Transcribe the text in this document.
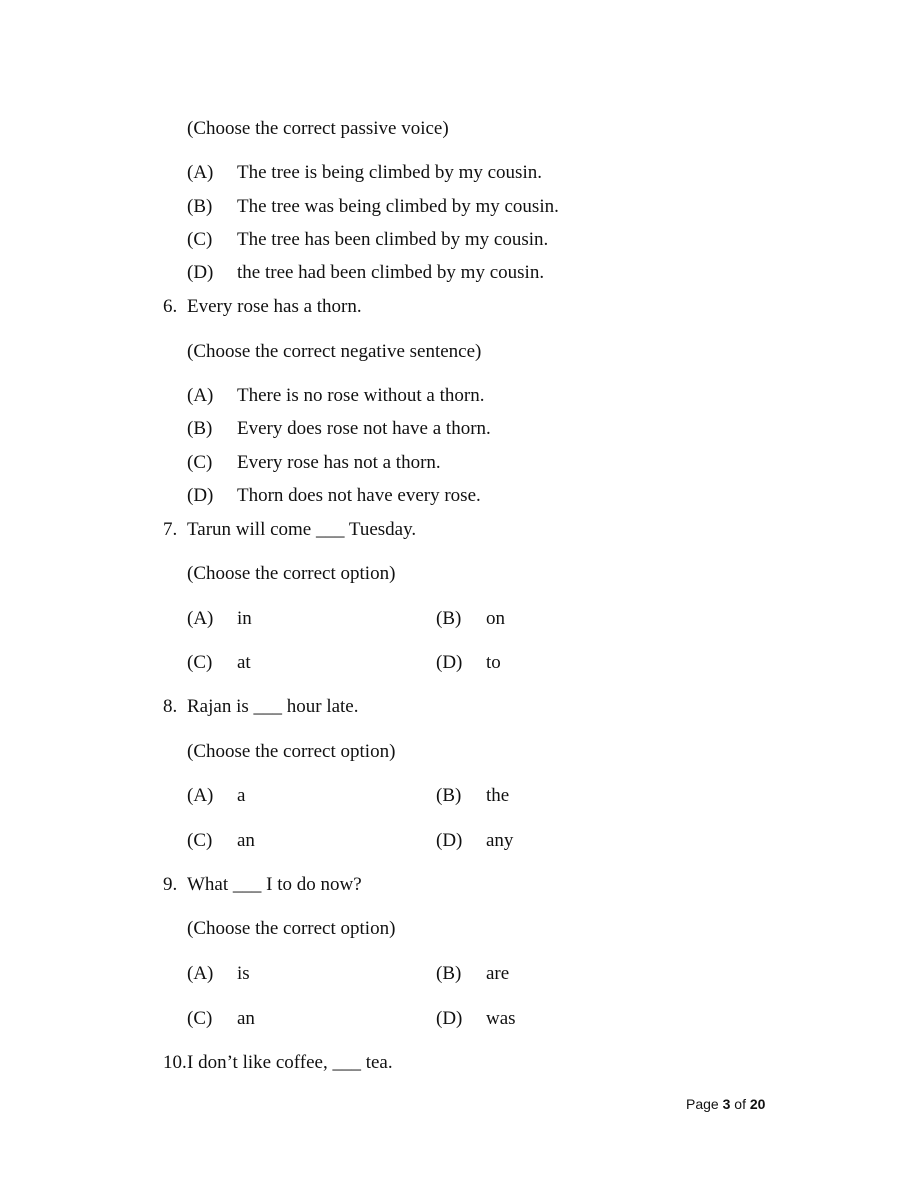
(Choose the correct passive voice)
(A) The tree is being climbed by my cousin.
(B) The tree was being climbed by my cousin.
(C) The tree has been climbed by my cousin.
(D) the tree had been climbed by my cousin.
6. Every rose has a thorn.
(Choose the correct negative sentence)
(A) There is no rose without a thorn.
(B) Every does rose not have a thorn.
(C) Every rose has not a thorn.
(D) Thorn does not have every rose.
7. Tarun will come ___ Tuesday.
(Choose the correct option)
(A) in	(B) on
(C) at	(D) to
8. Rajan is ___ hour late.
(Choose the correct option)
(A) a	(B) the
(C) an	(D) any
9. What ___ I to do now?
(Choose the correct option)
(A) is	(B) are
(C) an	(D) was
10. I don’t like coffee, ___ tea.
Page 3 of 20
